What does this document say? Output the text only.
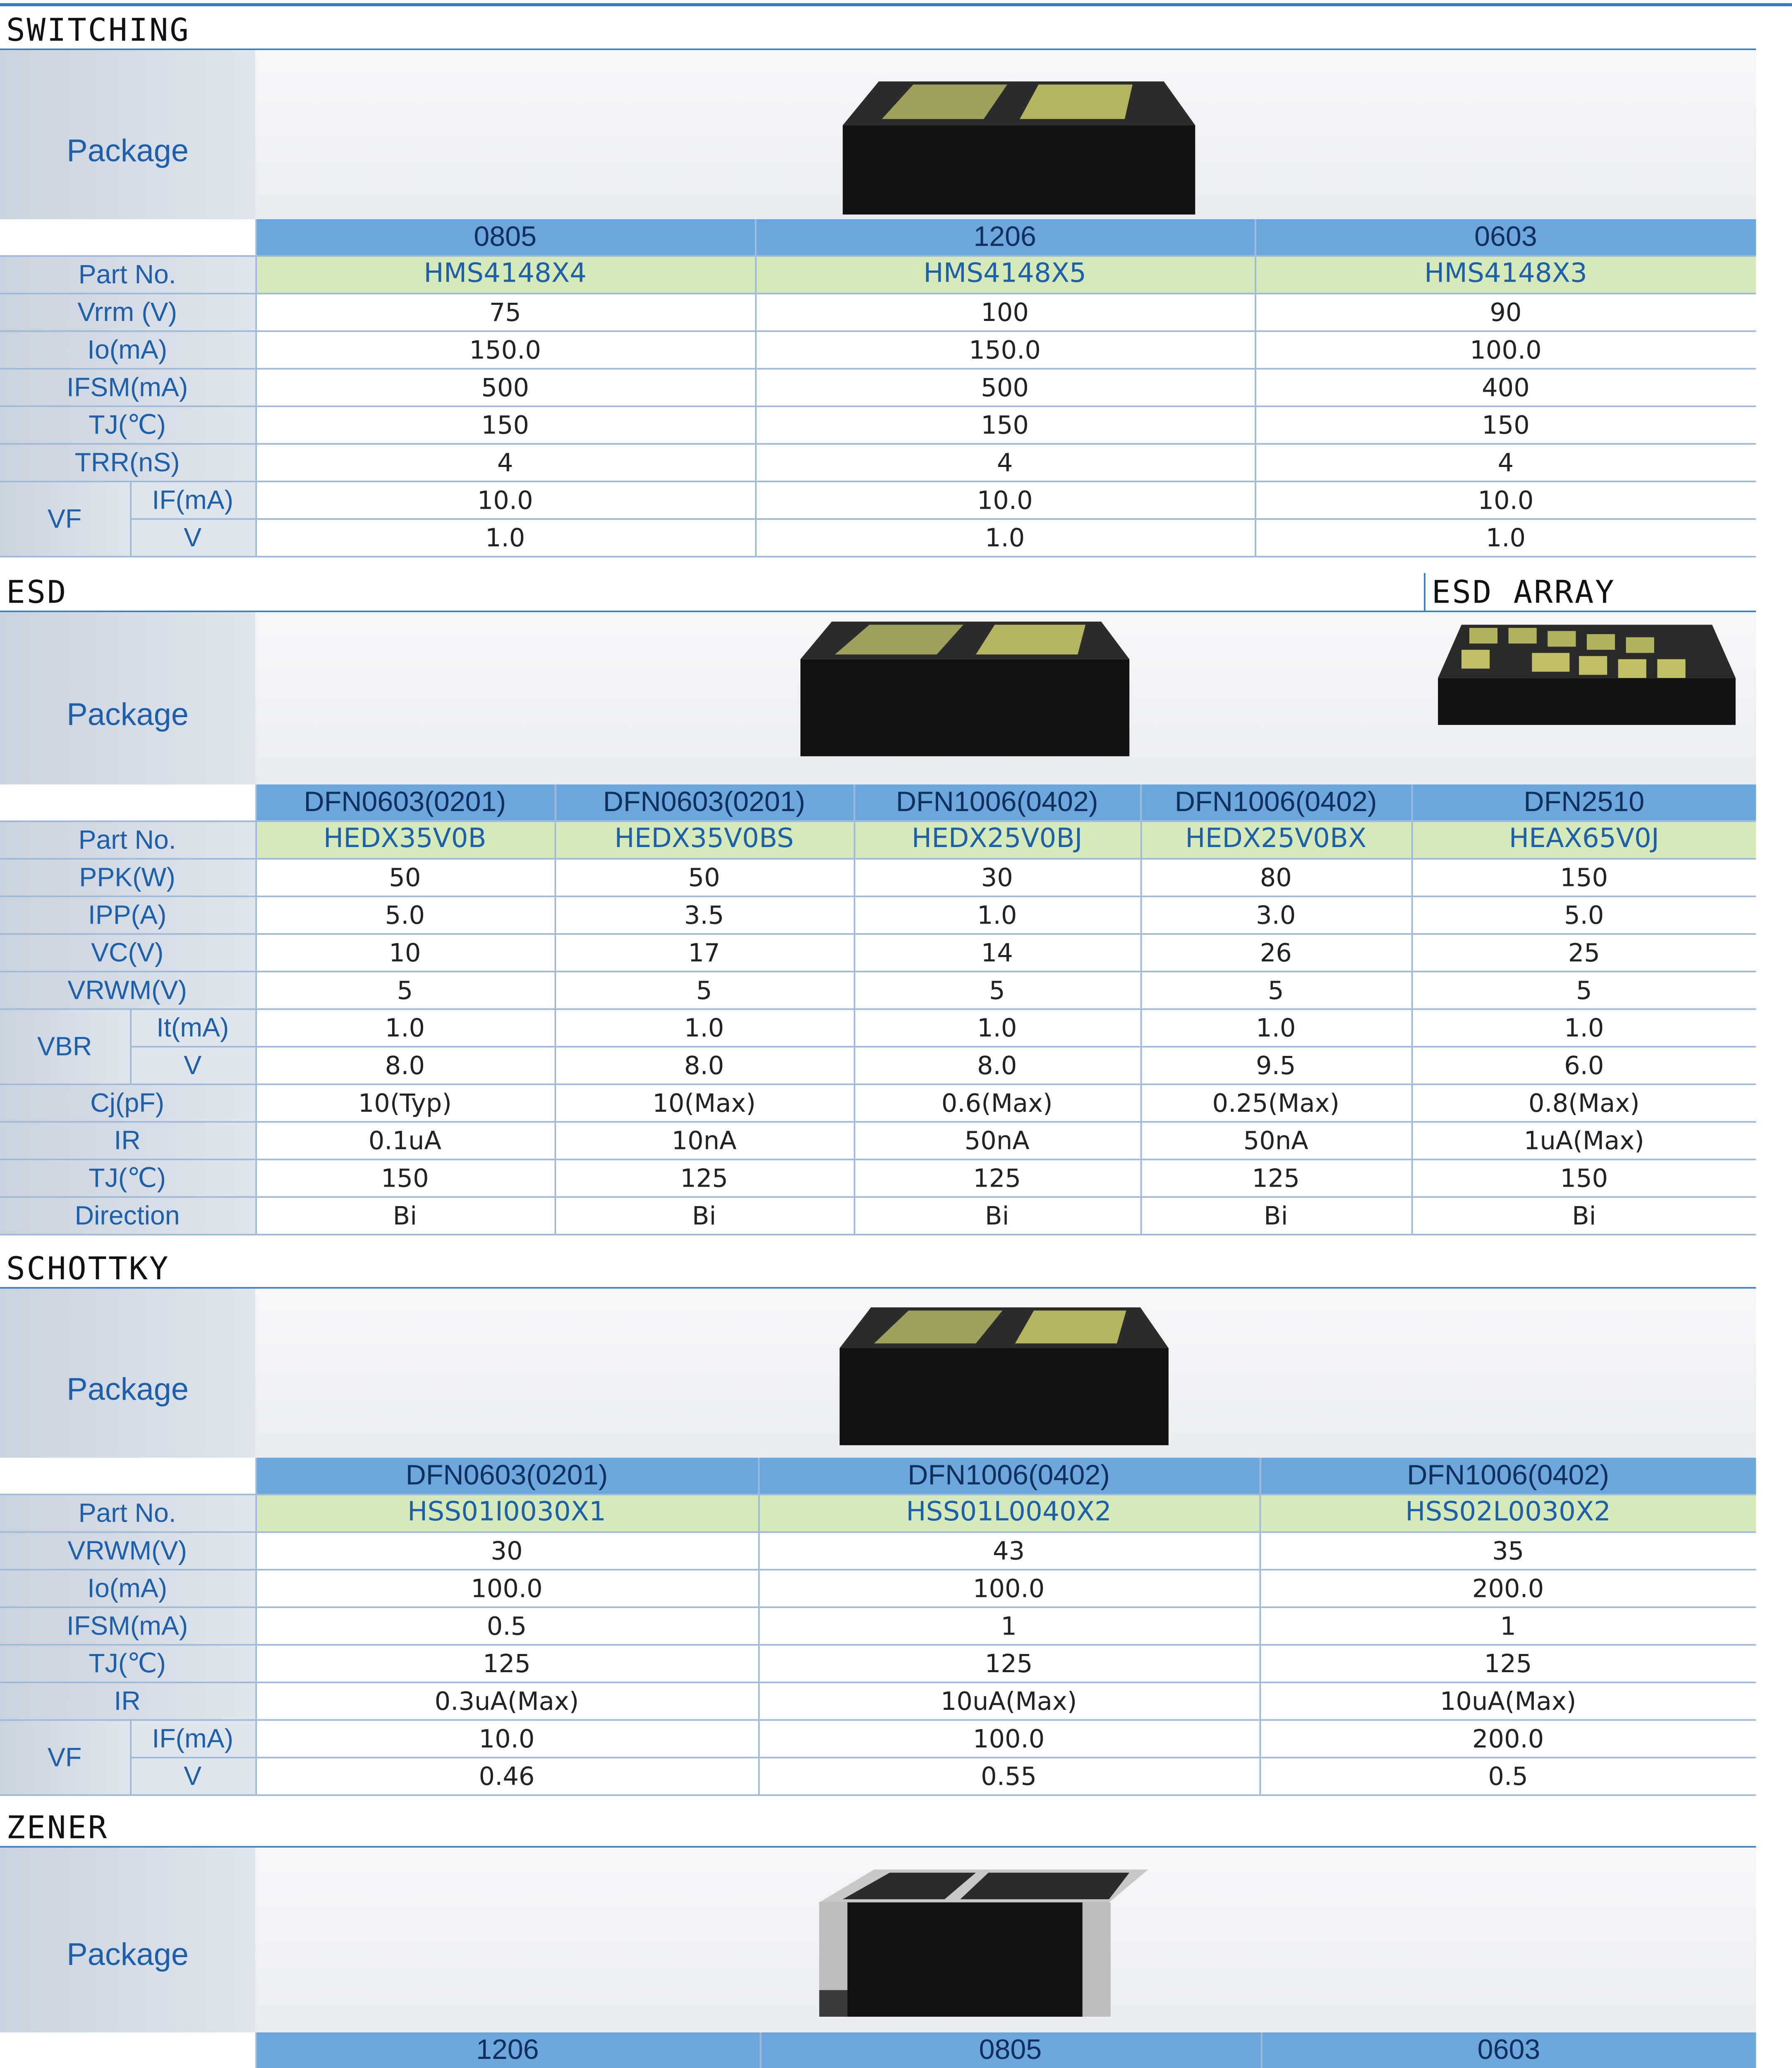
SWITCHING
Package
		0805	1206	0603
Part No.		HMS4148X4	HMS4148X5	HMS4148X3
Vrrm (V)		75	100	90
Io(mA)		150.0	150.0	100.0
IFSM(mA)		500	500	400
TJ(℃)		150	150	150
TRR(nS)		4	4	4
VF	IF(mA)	10.0	10.0	10.0
	V	1.0	1.0	1.0
ESD	ESD ARRAY
Package
		DFN0603(0201)	DFN0603(0201)	DFN1006(0402)	DFN1006(0402)	DFN2510
Part No.		HEDX35V0B	HEDX35V0BS	HEDX25V0BJ	HEDX25V0BX	HEAX65V0J
PPK(W)		50	50	30	80	150
IPP(A)		5.0	3.5	1.0	3.0	5.0
VC(V)		10	17	14	26	25
VRWM(V)		5	5	5	5	5
VBR	It(mA)	1.0	1.0	1.0	1.0	1.0
	V	8.0	8.0	8.0	9.5	6.0
Cj(pF)		10(Typ)	10(Max)	0.6(Max)	0.25(Max)	0.8(Max)
IR		0.1uA	10nA	50nA	50nA	1uA(Max)
TJ(℃)		150	125	125	125	150
Direction		Bi	Bi	Bi	Bi	Bi
SCHOTTKY
Package
		DFN0603(0201)	DFN1006(0402)	DFN1006(0402)
Part No.		HSS01I0030X1	HSS01L0040X2	HSS02L0030X2
VRWM(V)		30	43	35
Io(mA)		100.0	100.0	200.0
IFSM(mA)		0.5	1	1
TJ(℃)		125	125	125
IR		0.3uA(Max)	10uA(Max)	10uA(Max)
VF	IF(mA)	10.0	100.0	200.0
	V	0.46	0.55	0.5
ZENER
Package
		1206	0805	0603
